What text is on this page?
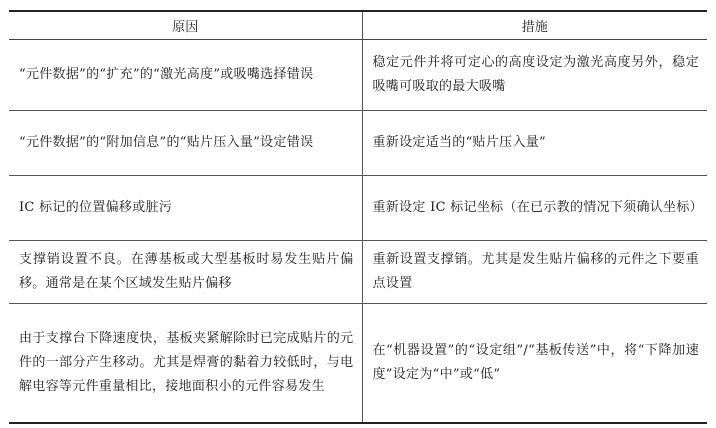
原因	措施
“元件数据”的“扩充”的“激光高度”或吸嘴选择错误	稳定元件并将可定心的高度设定为激光高度另外，稳定吸嘴可吸取的最大吸嘴
“元件数据”的“附加信息”的“贴片压入量”设定错误	重新设定适当的“贴片压入量”
IC 标记的位置偏移或脏污	重新设定 IC 标记坐标（在已示教的情况下须确认坐标）
支撑销设置不良。在薄基板或大型基板时易发生贴片偏移。通常是在某个区域发生贴片偏移	重新设置支撑销。尤其是发生贴片偏移的元件之下要重点设置
由于支撑台下降速度快，基板夹紧解除时已完成贴片的元件的一部分产生移动。尤其是焊膏的黏着力较低时，与电解电容等元件重量相比，接地面积小的元件容易发生	在“机器设置”的“设定组”/“基板传送”中，将“下降加速度”设定为“中”或“低”
